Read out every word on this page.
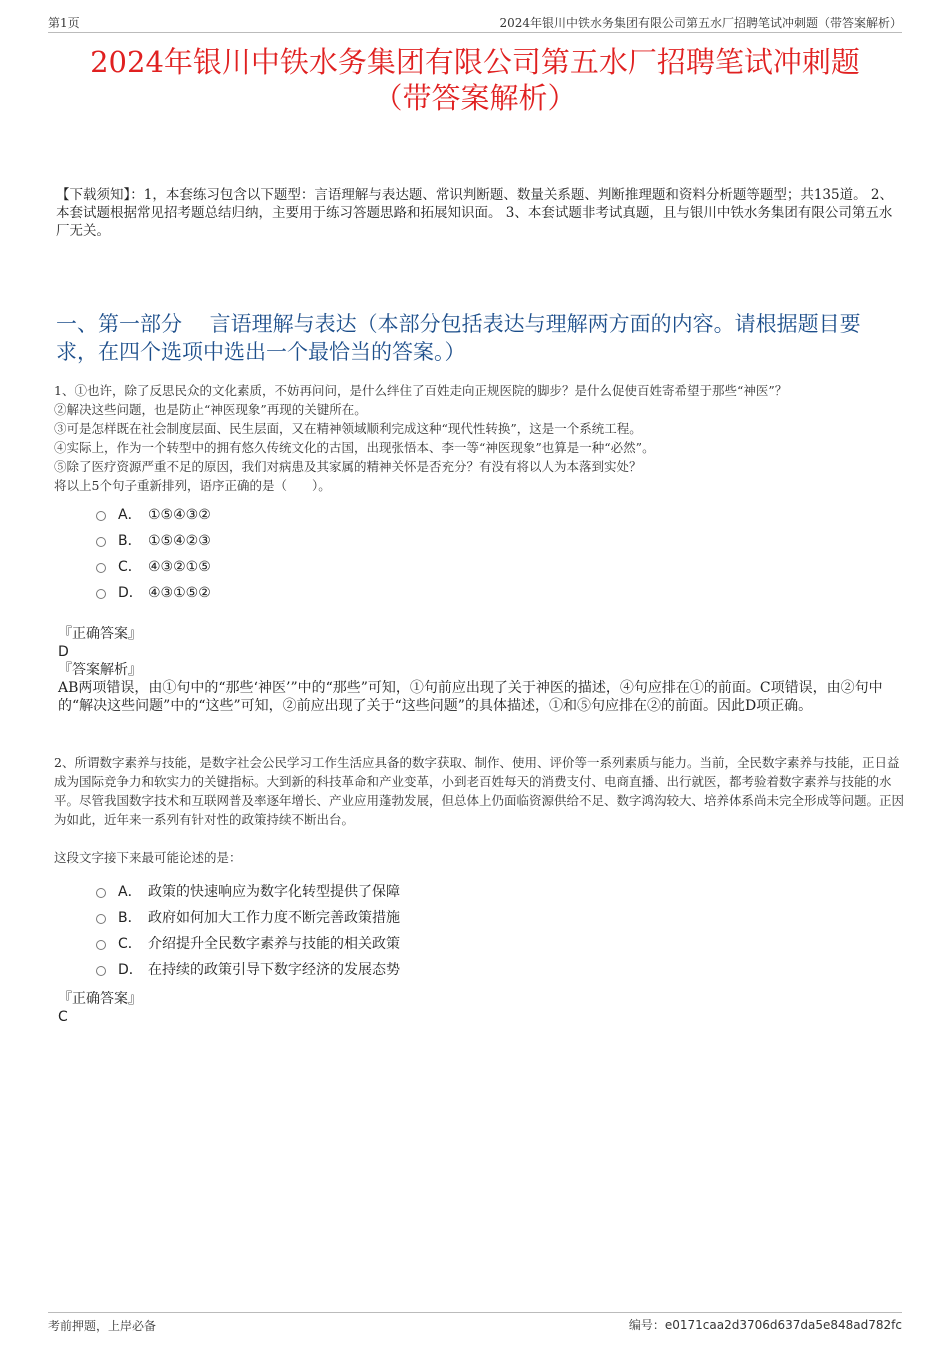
第1页	2024年银川中铁水务集团有限公司第五水厂招聘笔试冲刺题（带答案解析）
2024年银川中铁水务集团有限公司第五水厂招聘笔试冲刺题
（带答案解析）
【下载须知】：1，本套练习包含以下题型：言语理解与表达题、常识判断题、数量关系题、判断推理题和资料分析题等题型；共135道。 2、本套试题根据常见招考题总结归纳，主要用于练习答题思路和拓展知识面。 3、本套试题非考试真题，且与银川中铁水务集团有限公司第五水厂无关。
一、第一部分　 言语理解与表达（本部分包括表达与理解两方面的内容。请根据题目要求，在四个选项中选出一个最恰当的答案。）

1、①也许，除了反思民众的文化素质，不妨再问问，是什么绊住了百姓走向正规医院的脚步？是什么促使百姓寄希望于那些“神医”？

②解决这些问题，也是防止“神医现象”再现的关键所在。

③可是怎样既在社会制度层面、民生层面，又在精神领域顺利完成这种“现代性转换”，这是一个系统工程。

④实际上，作为一个转型中的拥有悠久传统文化的古国，出现张悟本、李一等“神医现象”也算是一种“必然”。

⑤除了医疗资源严重不足的原因，我们对病患及其家属的精神关怀是否充分？有没有将以人为本落到实处？

将以上5个句子重新排列，语序正确的是（　　）。

A． ①⑤④③②
B． ①⑤④②③
C． ④③②①⑤
D． ④③①⑤②
『正确答案』
D
『答案解析』
AB两项错误，由①句中的“那些‘神医’”中的“那些”可知，①句前应出现了关于神医的描述，④句应排在①的前面。C项错误，由②句中的“解决这些问题”中的“这些”可知，②前应出现了关于“这些问题”的具体描述，①和⑤句应排在②的前面。因此D项正确。

2、所谓数字素养与技能，是数字社会公民学习工作生活应具备的数字获取、制作、使用、评价等一系列素质与能力。当前，全民数字素养与技能，正日益成为国际竞争力和软实力的关键指标。大到新的科技革命和产业变革，小到老百姓每天的消费支付、电商直播、出行就医，都考验着数字素养与技能的水平。尽管我国数字技术和互联网普及率逐年增长、产业应用蓬勃发展，但总体上仍面临资源供给不足、数字鸿沟较大、培养体系尚未完全形成等问题。正因为如此，近年来一系列有针对性的政策持续不断出台。

这段文字接下来最可能论述的是：

A． 政策的快速响应为数字化转型提供了保障
B． 政府如何加大工作力度不断完善政策措施
C． 介绍提升全民数字素养与技能的相关政策
D． 在持续的政策引导下数字经济的发展态势
『正确答案』
C
考前押题，上岸必备	编号：e0171caa2d3706d637da5e848ad782fc
